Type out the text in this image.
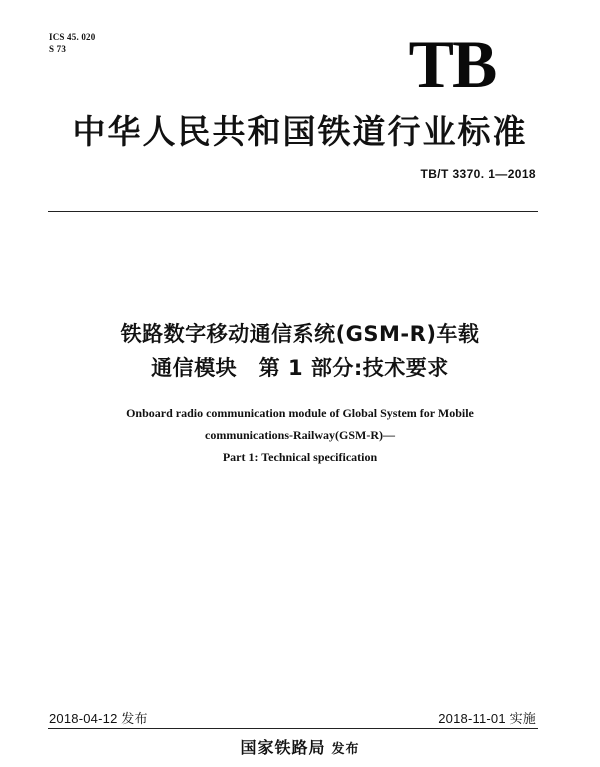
ICS 45. 020
S 73	TB
中华人民共和国铁道行业标准
TB/T 3370. 1—2018
铁路数字移动通信系统(GSM-R)车载
通信模块　第 1 部分:技术要求
Onboard radio communication module of Global System for Mobile
communications-Railway(GSM-R)—
Part 1: Technical specification
2018-04-12 发布	2018-11-01 实施
国家铁路局 发布
